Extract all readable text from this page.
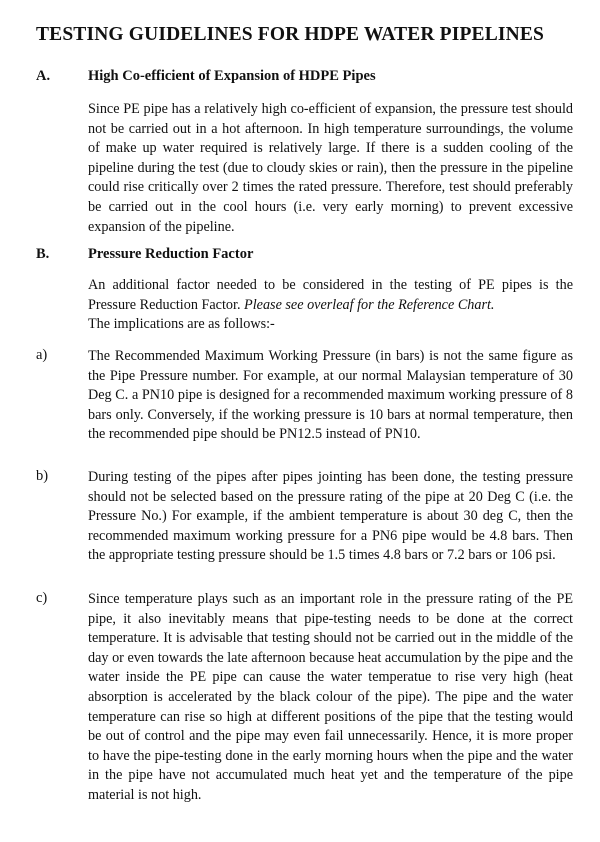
TESTING GUIDELINES FOR HDPE WATER PIPELINES
A.	High Co-efficient of Expansion of HDPE Pipes
Since PE pipe has a relatively high co-efficient of expansion, the pressure test should not be carried out in a hot afternoon. In high temperature surroundings, the volume of make up water required is relatively large. If there is a sudden cooling of the pipeline during the test (due to cloudy skies or rain), then the pressure in the pipeline could rise critically over 2 times the rated pressure. Therefore, test should preferably be carried out in the cool hours (i.e. very early morning) to prevent excessive expansion of the pipeline.
B.	Pressure Reduction Factor
An additional factor needed to be considered in the testing of PE pipes is the Pressure Reduction Factor. Please see overleaf for the Reference Chart.
The implications are as follows:-
a)	The Recommended Maximum Working Pressure (in bars) is not the same figure as the Pipe Pressure number. For example, at our normal Malaysian temperature of 30 Deg C. a PN10 pipe is designed for a recommended maximum working pressure of 8 bars only. Conversely, if the working pressure is 10 bars at normal temperature, then the recommended pipe should be PN12.5 instead of PN10.
b)	During testing of the pipes after pipes jointing has been done, the testing pressure should not be selected based on the pressure rating of the pipe at 20 Deg C (i.e. the Pressure No.) For example, if the ambient temperature is about 30 deg C, then the recommended maximum working pressure for a PN6 pipe would be 4.8 bars. Then the appropriate testing pressure should be 1.5 times 4.8 bars or 7.2 bars or 106 psi.
c)	Since temperature plays such as an important role in the pressure rating of the PE pipe, it also inevitably means that pipe-testing needs to be done at the correct temperature. It is advisable that testing should not be carried out in the middle of the day or even towards the late afternoon because heat accumulation by the pipe and the water inside the PE pipe can cause the water temperatue to rise very high (heat absorption is accelerated by the black colour of the pipe). The pipe and the water temperature can rise so high at different positions of the pipe that the testing would be out of control and the pipe may even fail unnecessarily. Hence, it is more proper to have the pipe-testing done in the early morning hours when the pipe and the water in the pipe have not accumulated much heat yet and the temperature of the pipe material is not high.
